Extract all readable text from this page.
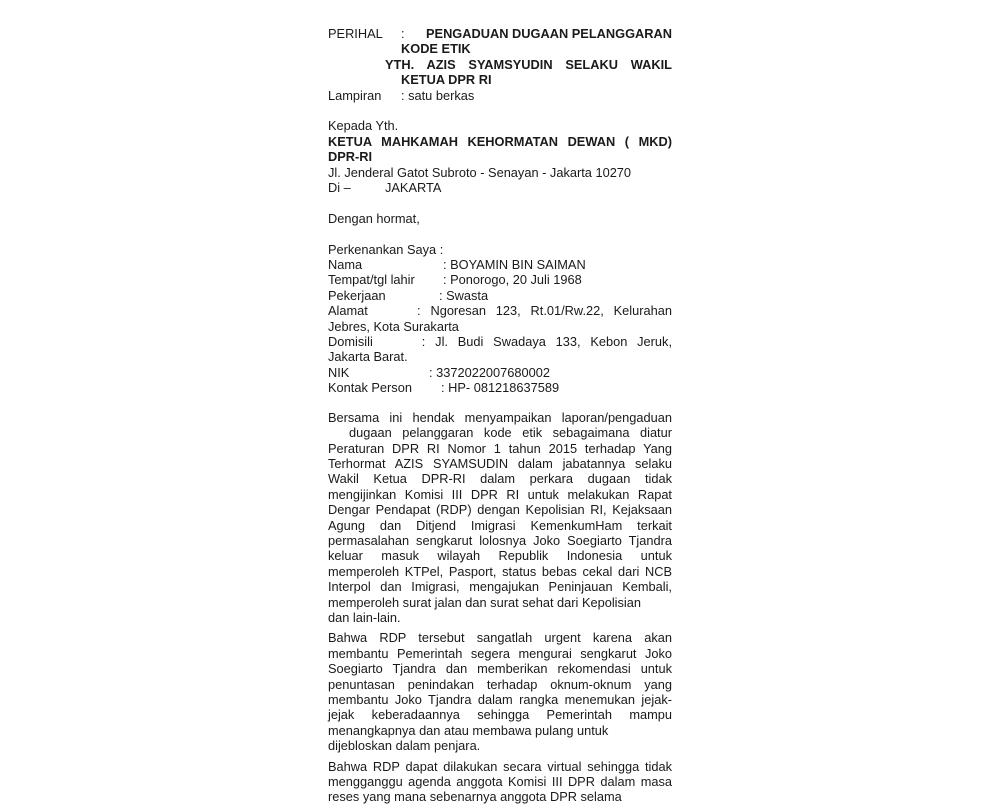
PERIHAL :	PENGADUAN DUGAAN PELANGGARAN
KODE ETIK
YTH. AZIS SYAMSYUDIN SELAKU WAKIL
KETUA DPR RI
Lampiran : satu berkas
Kepada Yth.
KETUA MAHKAMAH KEHORMATAN DEWAN ( MKD)
DPR-RI
Jl. Jenderal Gatot Subroto - Senayan - Jakarta 10270
Di –	JAKARTA
Dengan hormat,
Perkenankan Saya :
Nama	: BOYAMIN BIN SAIMAN
Tempat/tgl lahir : Ponorogo, 20 Juli 1968
Pekerjaan	: Swasta
Alamat          :  Ngoresan  123,  Rt.01/Rw.22,  Kelurahan
Jebres, Kota Surakarta
Domisili          :  Jl.  Budi  Swadaya  133,  Kebon  Jeruk,
Jakarta Barat.
NIK	: 3372022007680002
Kontak Person : HP- 081218637589

Bersama ini hendak menyampaikan laporan/pengaduan   dugaan pelanggaran kode etik sebagaimana diatur Peraturan DPR RI Nomor 1 tahun 2015 terhadap Yang Terhormat AZIS SYAMSUDIN dalam jabatannya selaku Wakil Ketua DPR-RI dalam perkara dugaan tidak mengijinkan Komisi III DPR RI untuk melakukan Rapat Dengar Pendapat (RDP) dengan Kepolisian RI, Kejaksaan Agung dan Ditjend Imigrasi KemenkumHam terkait permasalahan sengkarut lolosnya Joko Soegiarto Tjandra keluar masuk wilayah Republik Indonesia untuk memperoleh KTPel, Pasport, status bebas cekal dari NCB Interpol dan Imigrasi, mengajukan Peninjauan Kembali, memperoleh surat jalan dan surat sehat dari Kepolisian
dan lain-lain.

Bahwa RDP tersebut sangatlah urgent karena akan membantu Pemerintah segera mengurai sengkarut Joko Soegiarto Tjandra dan memberikan rekomendasi untuk penuntasan penindakan terhadap oknum-oknum yang membantu Joko Tjandra dalam rangka menemukan jejak-jejak keberadaannya sehingga Pemerintah mampu menangkapnya dan atau membawa pulang untuk
dijebloskan dalam penjara.

Bahwa RDP dapat dilakukan secara virtual sehingga tidak mengganggu agenda anggota Komisi III DPR dalam masa reses yang mana sebenarnya anggota DPR selama
